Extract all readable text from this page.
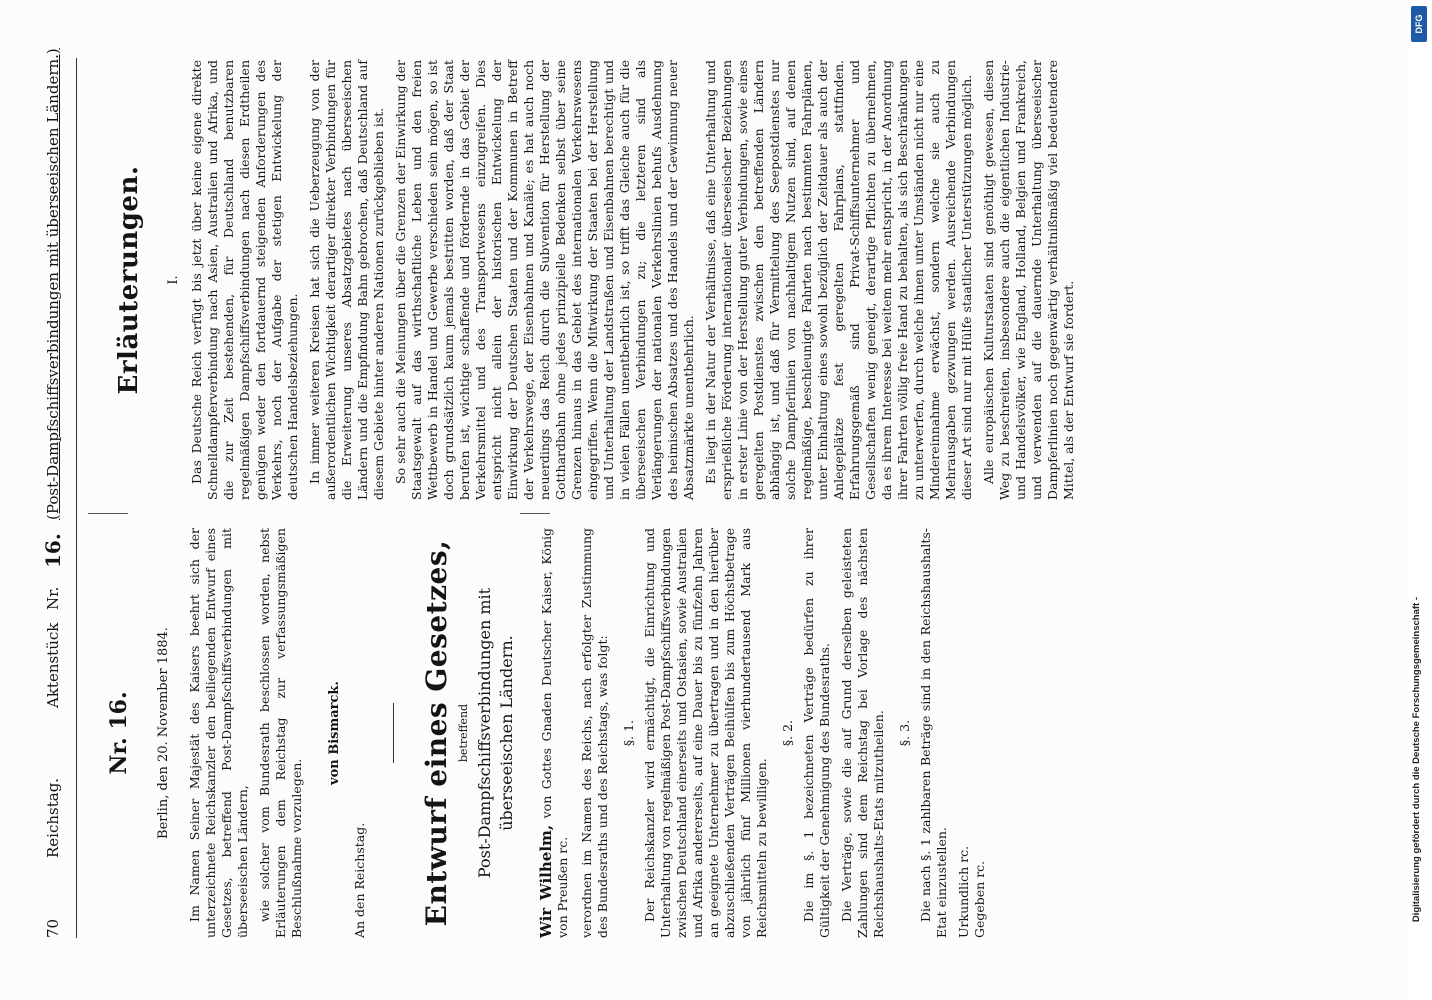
70
Reichstag.
Aktenstück
Nr.
16.
(Post-Dampfschiffsverbindungen mit überseeischen Ländern.)
Nr. 16. Berlin, den 20. November 1884. Im Namen Seiner Majestät des Kaisers beehrt sich der unterzeichnete Reichskanzler den beiliegenden Entwurf eines Gesetzes, betreffend Post-Dampfschiffsverbindungen mit überseeischen Ländern, wie solcher vom Bundesrath beschlossen worden, nebst Erläuterungen dem Reichstag zur verfassungsmäßigen Beschlußnahme vorzulegen.

von Bismarck.
An den Reichstag. Entwurf eines Gesetzes, betreffend Post-Dampfschiffsverbindungen mit überseeischen Ländern.

Wir Wilhelm, von Gottes Gnaden Deutscher Kaiser, König von Preußen rc. verordnen im Namen des Reichs, nach erfolgter Zustimmung des Bundesraths und des Reichstags, was folgt: §. 1. Der Reichskanzler wird ermächtigt, die Einrichtung und Unterhaltung von regelmäßigen Post-Dampfschiffsverbindungen zwischen Deutschland einerseits und Ostasien, sowie Australien und Afrika andererseits, auf eine Dauer bis zu fünfzehn Jahren an geeignete Unternehmer zu übertragen und in den hierüber abzuschließenden Verträgen Beihülfen bis zum Höchstbetrage von jährlich fünf Millionen vierhundertausend Mark aus Reichsmitteln zu bewilligen.

§. 2. Die im §. 1 bezeichneten Verträge bedürfen zu ihrer Gültigkeit der Genehmigung des Bundesraths. Die Verträge, sowie die auf Grund derselben geleisteten Zahlungen sind dem Reichstag bei Vorlage des nächsten Reichshaushalts-Etats mitzutheilen. §. 3. Die nach §. 1 zahlbaren Beträge sind in den Reichshaushalts-Etat einzustellen. Urkundlich rc. Gegeben rc.

Erläuterungen. I. Das Deutsche Reich verfügt bis jetzt über keine eigene direkte Schnelldampferverbindung nach Asien, Australien und Afrika, und die zur Zeit bestehenden, für Deutschland benutzbaren regelmäßigen Dampfschiffsverbindungen nach diesen Erdtheilen genügen weder den fortdauernd steigenden Anforderungen des Verkehrs, noch der Aufgabe der stetigen Entwickelung der deutschen Handelsbeziehungen. In immer weiteren Kreisen hat sich die Ueberzeugung von der außerordentlichen Wichtigkeit derartiger direkter Verbindungen für die Erweiterung unseres Absatzgebietes nach überseeischen Ländern und die Empfindung Bahn gebrochen, daß Deutschland auf diesem Gebiete hinter anderen Nationen zurückgeblieben ist. So sehr auch die Meinungen über die Grenzen der Einwirkung der Staatsgewalt auf das wirthschaftliche Leben und den freien Wettbewerb in Handel und Gewerbe verschieden sein mögen, so ist doch grundsätzlich kaum jemals bestritten worden, daß der Staat berufen ist, wichtige schaffende und fördernde in das Gebiet der Verkehrsmittel und des Transportwesens einzugreifen. Dies entspricht nicht allein der historischen Entwickelung der Einwirkung der Deutschen Staaten und der Kommunen in Betreff der Verkehrswege, der Eisenbahnen und Kanäle; es hat auch noch neuerdings das Reich durch die Subvention für Herstellung der Gotthardbahn ohne jedes prinzipielle Bedenken selbst über seine Grenzen hinaus in das Gebiet des internationalen Verkehrswesens eingegriffen. Wenn die Mitwirkung der Staaten bei der Herstellung und Unterhaltung der Landstraßen und Eisenbahnen berechtigt und in vielen Fällen unentbehrlich ist, so trifft das Gleiche auch für die überseeischen Verbindungen zu; die letzteren sind als Verlängerungen der nationalen Verkehrslinien behufs Ausdehnung des heimischen Absatzes und des Handels und der Gewinnung neuer Absatzmärkte unentbehrlich. Es liegt in der Natur der Verhältnisse, daß eine Unterhaltung und ersprießliche Förderung internationaler überseeischer Beziehungen in erster Linie von der Herstellung guter Verbindungen, sowie eines geregelten Postdienstes zwischen den betreffenden Ländern abhängig ist, und daß für Vermittelung des Seepostdienstes nur solche Dampferlinien von nachhaltigem Nutzen sind, auf denen regelmäßige, beschleunigte Fahrten nach bestimmten Fahrplänen, unter Einhaltung eines sowohl bezüglich der Zeitdauer als auch der Anlegeplätze fest geregelten Fahrplans, stattfinden. Erfahrungsgemäß sind Privat-Schiffsunternehmer und Gesellschaften wenig geneigt, derartige Pflichten zu übernehmen, da es ihrem Interesse bei weitem mehr entspricht, in der Anordnung ihrer Fahrten völlig freie Hand zu behalten, als sich Beschränkungen zu unterwerfen, durch welche ihnen unter Umständen nicht nur eine Mindereinnahme erwächst, sondern welche sie auch zu Mehrausgaben gezwungen werden. Ausreichende Verbindungen dieser Art sind nur mit Hülfe staatlicher Unterstützungen möglich. Alle europäischen Kulturstaaten sind genöthigt gewesen, diesen Weg zu beschreiten, insbesondere auch die eigentlichen Industrie- und Handelsvölker, wie England, Holland, Belgien und Frankreich, und verwenden auf die dauernde Unterhaltung überseeischer Dampferlinien noch gegenwärtig verhältnißmäßig viel bedeutendere Mittel, als der Entwurf sie fordert.

DFG
Digitalisierung gefördert durch die Deutsche Forschungsgemeinschaft -
